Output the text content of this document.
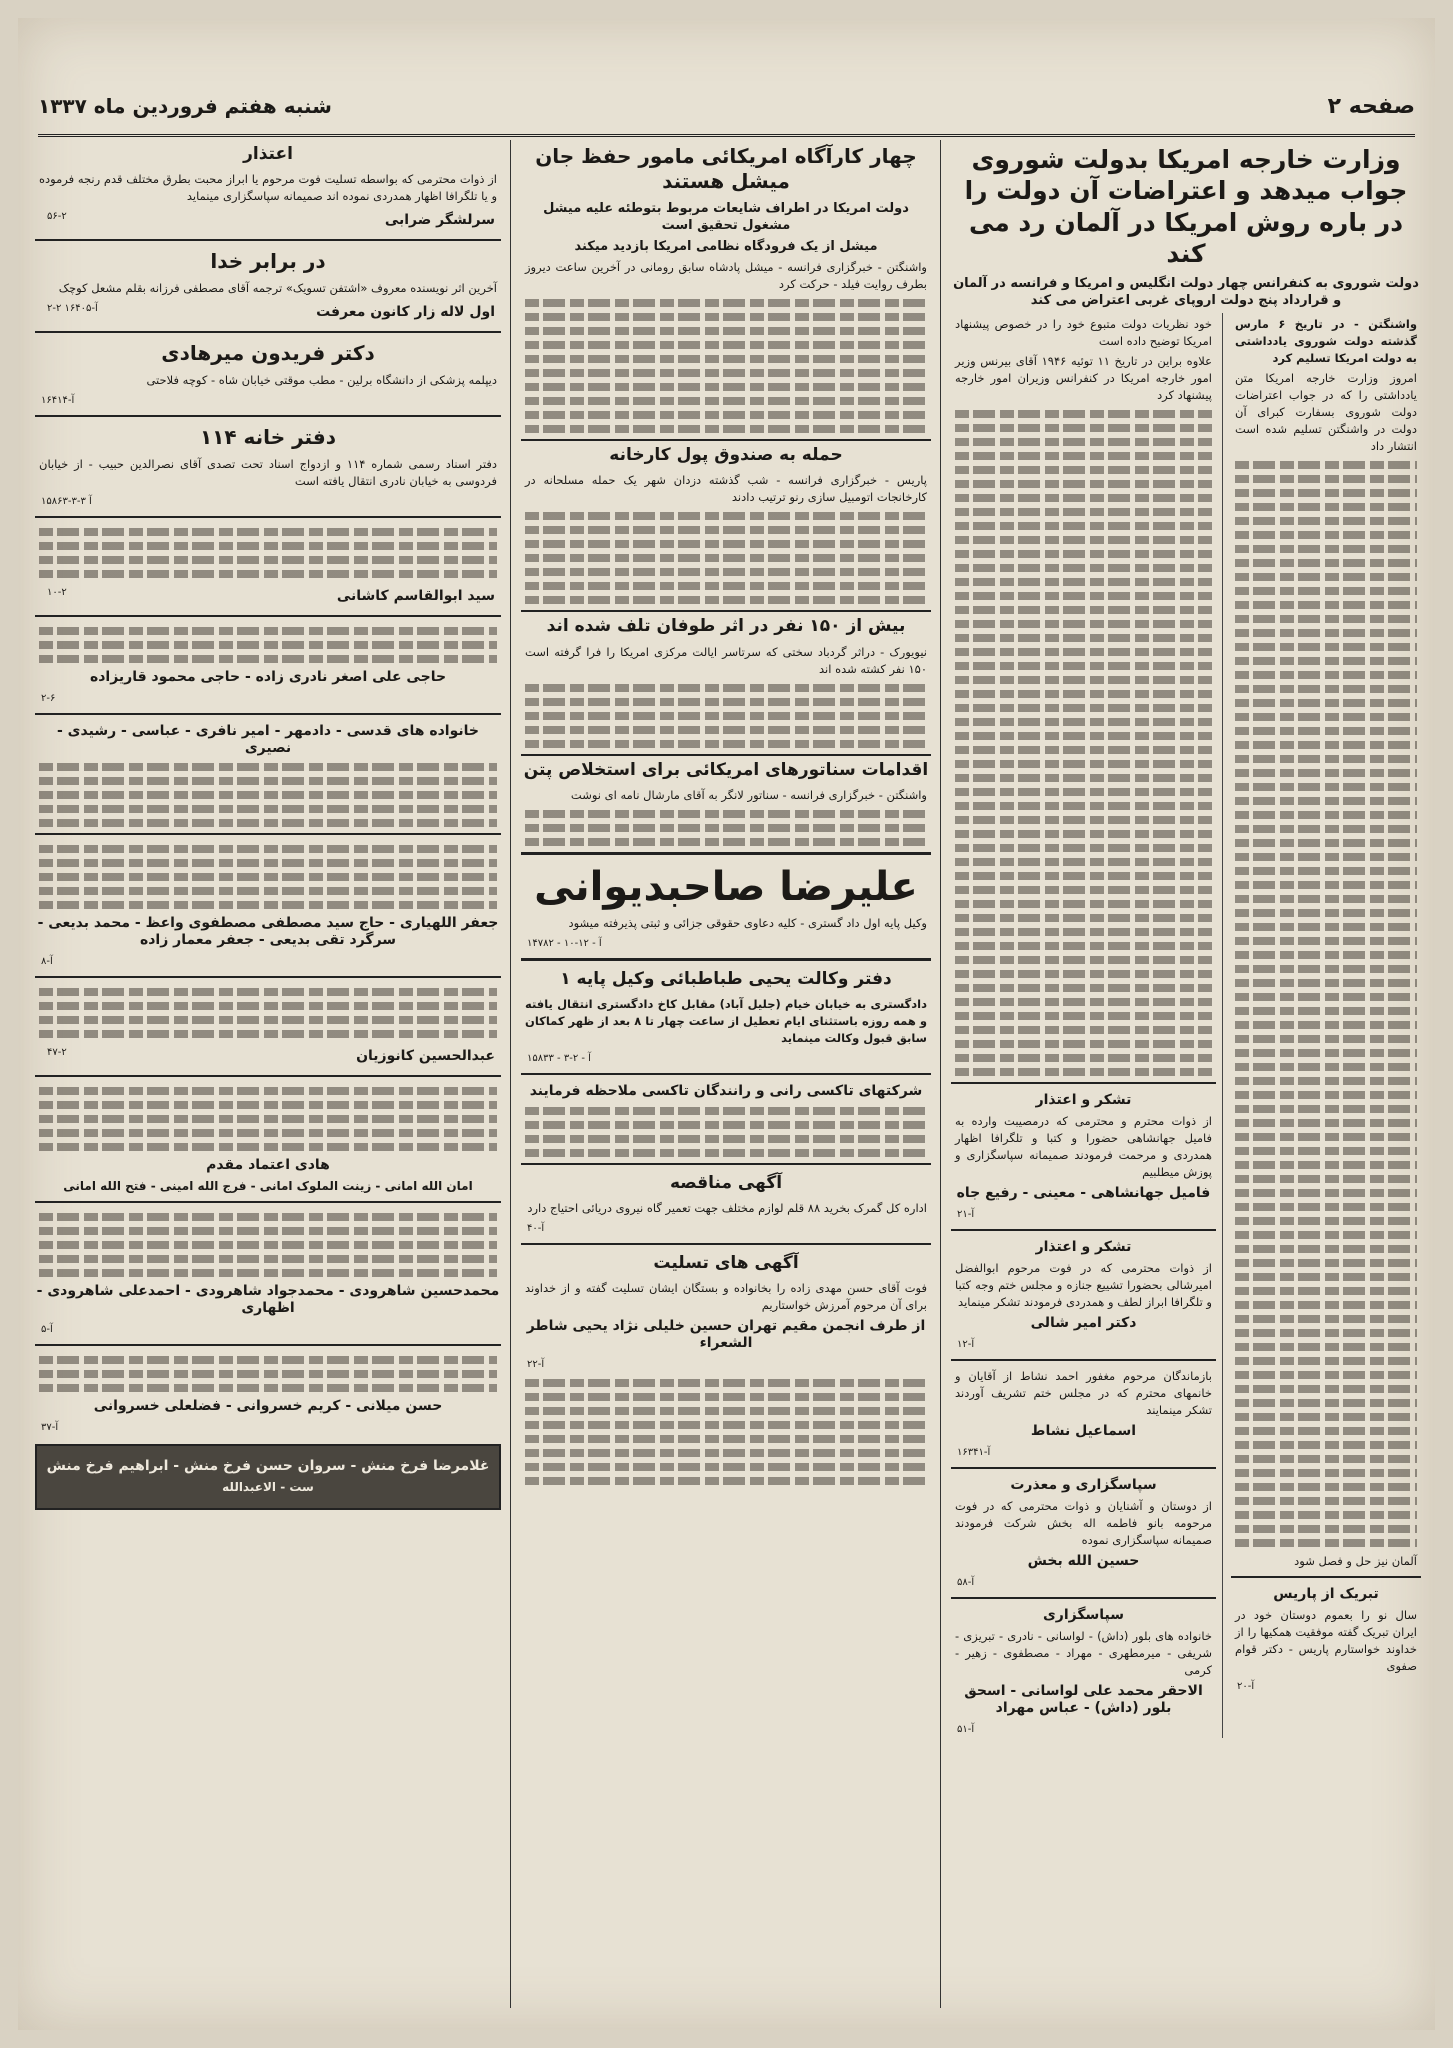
صفحه ۲
شنبه هفتم فروردین ماه ۱۳۳۷
وزارت خارجه امریکا بدولت شوروی جواب میدهد و اعتراضات آن دولت را در باره روش امریکا در آلمان رد می کند
دولت شوروی به کنفرانس چهار دولت انگلیس و امریکا و فرانسه در آلمان و قرارداد پنج دولت اروپای غربی اعتراض می کند
واشنگتن - در تاریخ ۶ مارس گذشته دولت شوروی یادداشتی به دولت امریکا تسلیم کرد
امروز وزارت خارجه امریکا متن یادداشتی را که در جواب اعتراضات دولت شوروی بسفارت کبرای آن دولت در واشنگتن تسلیم شده است انتشار داد
آلمان نیز حل و فصل شود
تبریک از پاریس
سال نو را بعموم دوستان خود در ایران تبریک گفته موفقیت همکیها را از خداوند خواستارم پاریس - دکتر قوام صفوی
آ-۲۰
خود نظریات دولت متبوع خود را در خصوص پیشنهاد امریکا توضیح داده است
علاوه براین در تاریخ ۱۱ توئیه ۱۹۴۶ آقای بیرنس وزیر امور خارجه امریکا در کنفرانس وزیران امور خارجه پیشنهاد کرد
تشکر و اعتذار
از ذوات محترم و محترمی که درمصیبت وارده به فامیل جهانشاهی حضورا و کتبا و تلگرافا اظهار همدردی و مرحمت فرمودند صمیمانه سپاسگزاری و پوزش میطلبیم
فامیل جهانشاهی - معینی - رفیع جاه
آ-۲۱
تشکر و اعتذار
از ذوات محترمی که در فوت مرحوم ابوالفضل امیرشالی بحضورا تشییع جنازه و مجلس ختم وجه کتبا و تلگرافا ابراز لطف و همدردی فرمودند تشکر مینماید
دکتر امیر شالی
آ-۱۲
بازماندگان مرحوم مغفور احمد نشاط از آقایان و خانمهای محترم که در مجلس ختم تشریف آوردند تشکر مینمایند
اسماعیل نشاط
آ-۱۶۳۴۱
سپاسگزاری و معذرت
از دوستان و آشنایان و ذوات محترمی که در فوت مرحومه بانو فاطمه اله بخش شرکت فرمودند صمیمانه سپاسگزاری نموده
حسین الله بخش
آ-۵۸
سپاسگزاری
خانواده های بلور (داش) - لواسانی - نادری - تبریزی - شریفی - میرمطهری - مهراد - مصطفوی - زهیر - کرمی
الاحقر محمد علی لواسانی - اسحق بلور (داش) - عباس مهراد
آ-۵۱
چهار کارآگاه امریکائی مامور حفظ جان میشل هستند
دولت امریکا در اطراف شایعات مربوط بتوطئه علیه میشل مشغول تحقیق است
میشل از یک فرودگاه نظامی امریکا بازدید میکند
واشنگتن - خبرگزاری فرانسه - میشل پادشاه سابق رومانی در آخرین ساعت دیروز بطرف روایت فیلد - حرکت کرد
حمله به صندوق پول کارخانه
پاریس - خبرگزاری فرانسه - شب گذشته دزدان شهر یک حمله مسلحانه در کارخانجات اتومبیل سازی رنو ترتیب دادند
بیش از ۱۵۰ نفر در اثر طوفان تلف شده اند
نیویورک - دراثر گردباد سختی که سرتاسر ایالت مرکزی امریکا را فرا گرفته است ۱۵۰ نفر کشته شده اند
اقدامات سناتورهای امریکائی برای استخلاص پتن
واشنگتن - خبرگزاری فرانسه - سناتور لانگر به آقای مارشال نامه ای نوشت
علیرضا صاحبدیوانی
وکیل پایه اول داد گستری - کلیه دعاوی حقوقی جزائی و ثبتی پذیرفته میشود
۱۴۷۸۲ - آ - ۱۲-۱۰
دفتر وکالت یحیی طباطبائی وکیل پایه ۱
دادگستری به خیابان خیام (جلیل آباد) مقابل کاخ دادگستری انتقال یافته و همه روزه باستثنای ایام تعطیل از ساعت چهار تا ۸ بعد از ظهر کماکان سابق قبول وکالت مینماید
۱۵۸۳۳ - آ - ۲-۳
شرکتهای تاکسی رانی و رانندگان تاکسی ملاحظه فرمایند
آگهی مناقصه
اداره کل گمرک بخرید ۸۸ قلم لوازم مختلف جهت تعمیر گاه نیروی دریائی احتیاج دارد
آ-۴۰
آگهی های تسلیت
فوت آقای حسن مهدی زاده را بخانواده و بستگان ایشان تسلیت گفته و از خداوند برای آن مرحوم آمرزش خواستاریم
از طرف انجمن مقیم تهران حسین خلیلی نژاد یحیی شاطر الشعراء
آ-۲۲
اعتذار
از ذوات محترمی که بواسطه تسلیت فوت مرحوم یا ابراز محبت بطرق مختلف قدم رنجه فرموده و یا تلگرافا اظهار همدردی نموده اند صمیمانه سپاسگزاری مینماید
سرلشگر ضرابی
۵۶-۲
در برابر خدا
آخرین اثر نویسنده معروف «اشتفن تسویک» ترجمه آقای مصطفی فرزانه بقلم مشعل کوچک
اول لاله زار کانون معرفت
۲-۲ ۱۶۴۰۵-آ
دکتر فریدون میرهادی
دیپلمه پزشکی از دانشگاه برلین - مطب موقتی خیابان شاه - کوچه فلاحتی
۱۶۴۱۴-آ
دفتر خانه ۱۱۴
دفتر اسناد رسمی شماره ۱۱۴ و ازدواج اسناد تحت تصدی آقای نصرالدین حبیب - از خیابان فردوسی به خیابان نادری انتقال یافته است
۱۵۸۶۳-آ ۳-۳
سید ابوالقاسم کاشانی
۱۰-۲
حاجی علی اصغر نادری زاده - حاجی محمود قاریزاده
۲-۶
خانواده های قدسی - دادمهر - امیر نافری - عباسی - رشیدی - نصیری
جعفر اللهیاری - حاج سید مصطفی مصطفوی واعظ - محمد بدیعی - سرگرد تقی بدیعی - جعفر معمار زاده
آ-۸
عبدالحسین کانوزیان
۴۷-۲
هادی اعتماد مقدم
امان الله امانی - زینت الملوک امانی - فرج الله امینی - فتح الله امانی
محمدحسین شاهرودی - محمدجواد شاهرودی - احمدعلی شاهرودی - اظهاری
آ-۵
حسن میلانی - کریم خسروانی - فضلعلی خسروانی
آ-۳۷
غلامرضا فرخ منش - سروان حسن فرخ منش - ابراهیم فرخ منش
ست - الاعبدالله
